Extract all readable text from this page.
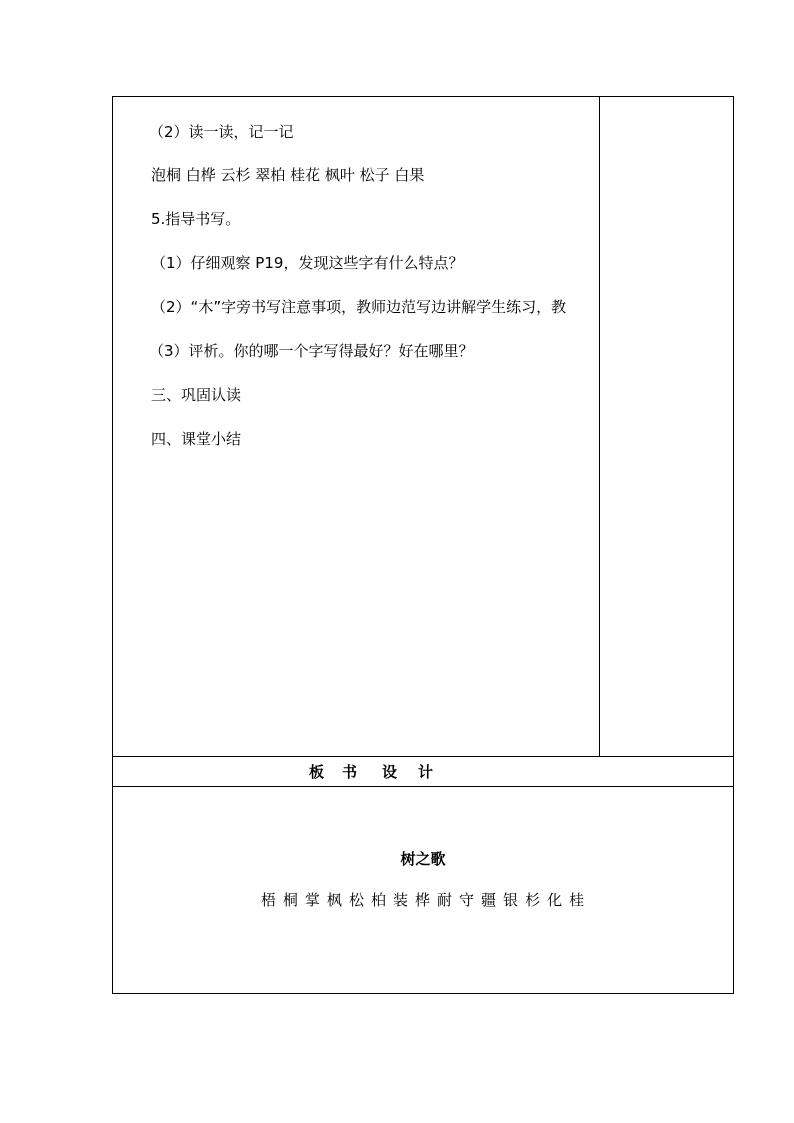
（2）读一读，记一记
泡桐 白桦 云杉 翠柏 桂花 枫叶 松子 白果
5.指导书写。
（1）仔细观察 P19，发现这些字有什么特点？
（2）“木”字旁书写注意事项，教师边范写边讲解学生练习，教
（3）评析。你的哪一个字写得最好？好在哪里？
三、巩固认读
四、课堂小结
板 书 设 计
树之歌
梧 桐 掌 枫 松 柏 装 桦 耐 守 疆 银 杉 化 桂
